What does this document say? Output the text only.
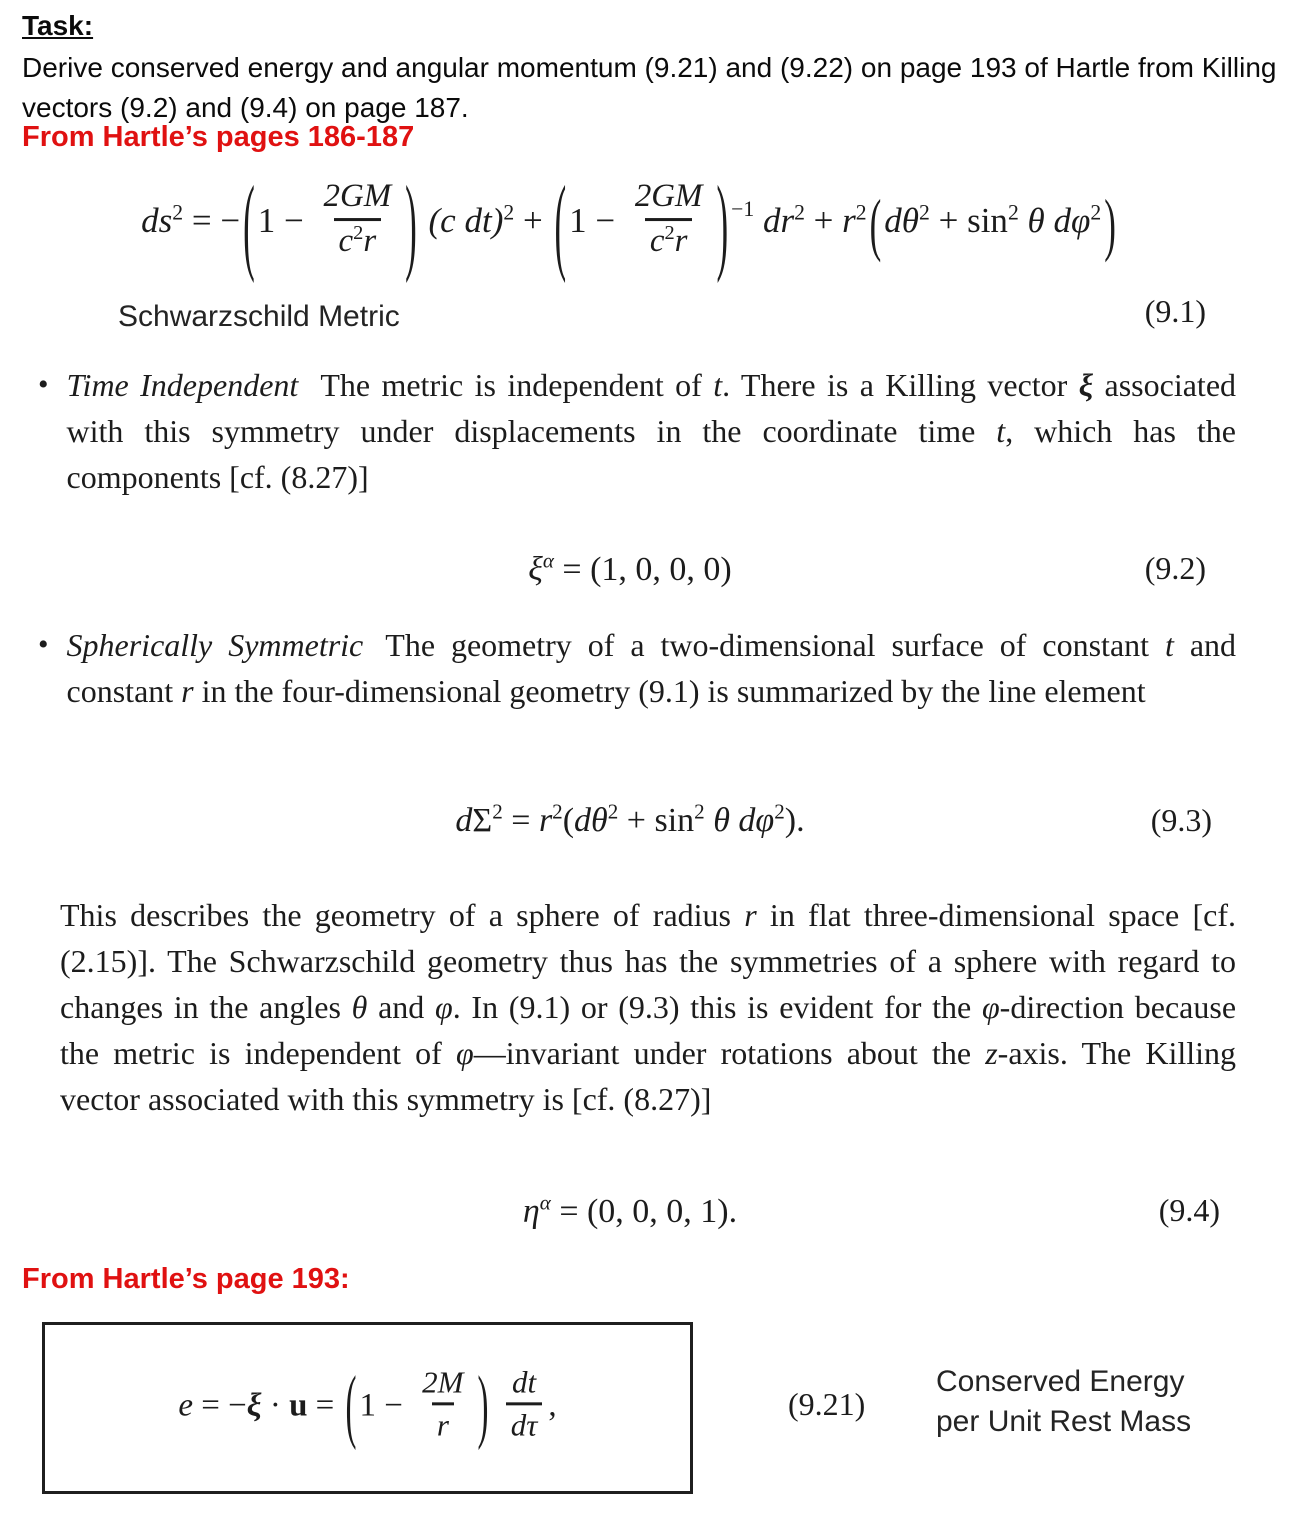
Task:
Derive conserved energy and angular momentum (9.21) and (9.22) on page 193 of Hartle from Killing vectors (9.2) and (9.4) on page 187.
From Hartle’s pages 186-187
$ds^2 = -(1 - \frac{2GM}{c^2r}$ ) (c $dt)^2 + (1 - \frac{2GM}{c^2r}$ ) $^{-1}$ $dr^2 + r^2(d\theta^2 + \sin^2 \theta$ $d\varphi^2$)
Schwarzschild Metric	(9.1)
• Time Independent The metric is independent of t. There is a Killing vector ξ associated with this symmetry under displacements in the coordinate time t, which has the components [cf. (8.27)]
$\xi^\alpha = (1$, 0, 0, 0)	(9.2)
• Spherically Symmetric The geometry of a two-dimensional surface of constant t and constant r in the four-dimensional geometry (9.1) is summarized by the line element
$d\Sigma^2 = r^2(d\theta^2 + \sin^2 \theta$ $d\varphi^2$).	(9.3)
This describes the geometry of a sphere of radius r in flat three-dimensional space [cf. (2.15)]. The Schwarzschild geometry thus has the symmetries of a sphere with regard to changes in the angles θ and φ. In (9.1) or (9.3) this is evident for the φ-direction because the metric is independent of φ—invariant under rotations about the z-axis. The Killing vector associated with this symmetry is [cf. (8.27)]
$\eta^\alpha = (0$, 0, 0, 1).	(9.4)
From Hartle’s page 193:
$e = -\xi \cdot u = (1 - \frac{2M}{r}$ ) $\frac{dt}{d\tau}$ ,	(9.21)
Conserved Energy
per Unit Rest Mass
